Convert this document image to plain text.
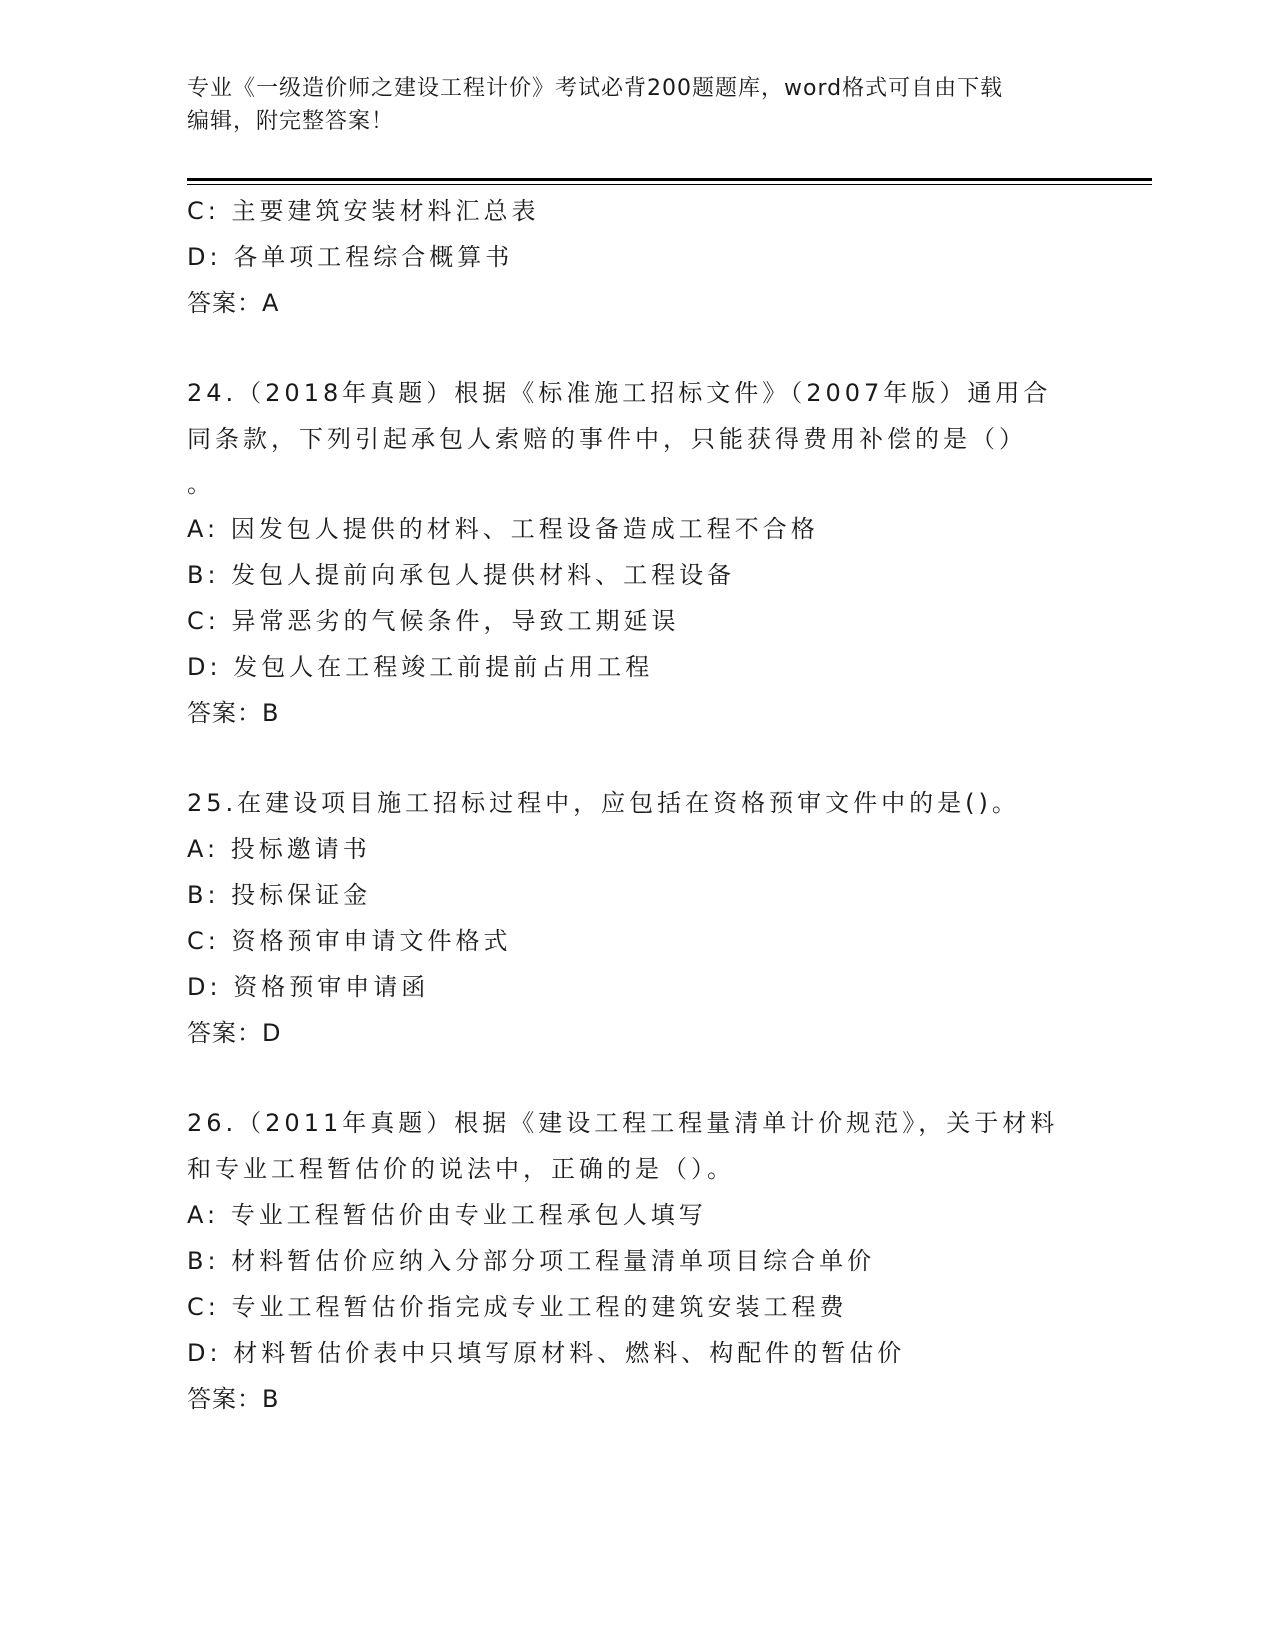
专业《一级造价师之建设工程计价》考试必背200题题库，word格式可自由下载
编辑，附完整答案！
C: 主要建筑安装材料汇总表
D: 各单项工程综合概算书
答案：A
24.（2018年真题）根据《标准施工招标文件》（2007年版）通用合
同条款，下列引起承包人索赔的事件中，只能获得费用补偿的是（）
。
A: 因发包人提供的材料、工程设备造成工程不合格
B: 发包人提前向承包人提供材料、工程设备
C: 异常恶劣的气候条件，导致工期延误
D: 发包人在工程竣工前提前占用工程
答案：B
25.在建设项目施工招标过程中，应包括在资格预审文件中的是()。
A: 投标邀请书
B: 投标保证金
C: 资格预审申请文件格式
D: 资格预审申请函
答案：D
26.（2011年真题）根据《建设工程工程量清单计价规范》，关于材料
和专业工程暂估价的说法中，正确的是（）。
A: 专业工程暂估价由专业工程承包人填写
B: 材料暂估价应纳入分部分项工程量清单项目综合单价
C: 专业工程暂估价指完成专业工程的建筑安装工程费
D: 材料暂估价表中只填写原材料、燃料、构配件的暂估价
答案：B
